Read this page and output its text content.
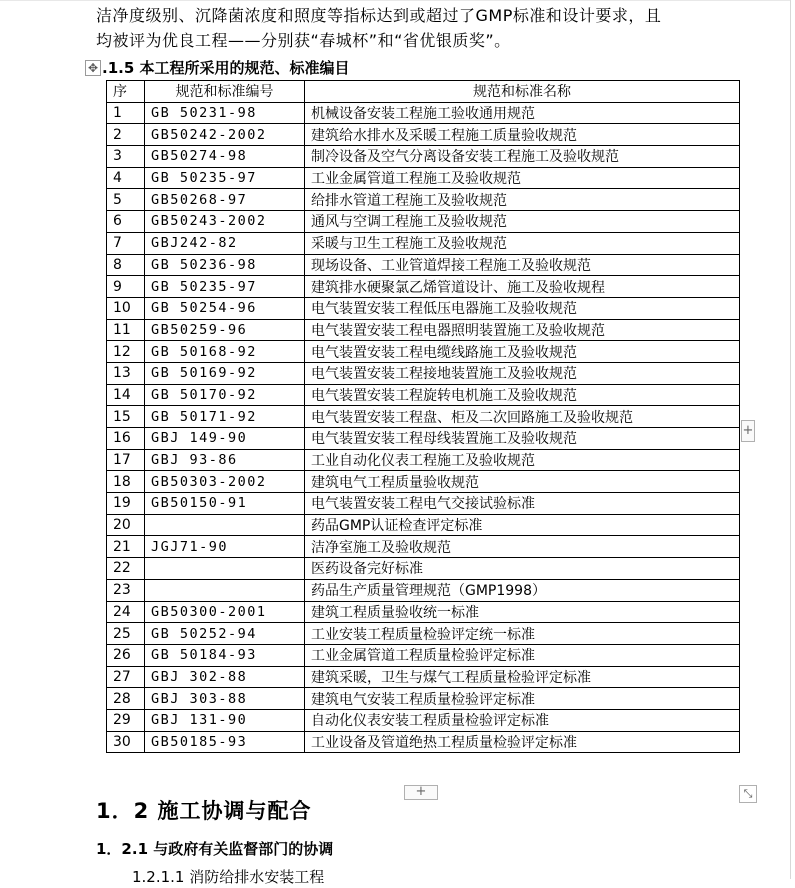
洁净度级别、沉降菌浓度和照度等指标达到或超过了GMP标准和设计要求，且
均被评为优良工程——分别获“春城杯”和“省优银质奖”。
✥ .1.5 本工程所采用的规范、标准编目
序	规范和标准编号	规范和标准名称
1	GB 50231-98	机械设备安装工程施工验收通用规范
2	GB50242-2002	建筑给水排水及采暖工程施工质量验收规范
3	GB50274-98	制冷设备及空气分离设备安装工程施工及验收规范
4	GB 50235-97	工业金属管道工程施工及验收规范
5	GB50268-97	给排水管道工程施工及验收规范
6	GB50243-2002	通风与空调工程施工及验收规范
7	GBJ242-82	采暖与卫生工程施工及验收规范
8	GB 50236-98	现场设备、工业管道焊接工程施工及验收规范
9	GB 50235-97	建筑排水硬聚氯乙烯管道设计、施工及验收规程
10	GB 50254-96	电气装置安装工程低压电器施工及验收规范
11	GB50259-96	电气装置安装工程电器照明装置施工及验收规范
12	GB 50168-92	电气装置安装工程电缆线路施工及验收规范
13	GB 50169-92	电气装置安装工程接地装置施工及验收规范
14	GB 50170-92	电气装置安装工程旋转电机施工及验收规范
15	GB 50171-92	电气装置安装工程盘、柜及二次回路施工及验收规范
16	GBJ 149-90	电气装置安装工程母线装置施工及验收规范
17	GBJ 93-86	工业自动化仪表工程施工及验收规范
18	GB50303-2002	建筑电气工程质量验收规范
19	GB50150-91	电气装置安装工程电气交接试验标准
20		药品GMP认证检查评定标准
21	JGJ71-90	洁净室施工及验收规范
22		医药设备完好标准
23		药品生产质量管理规范（GMP1998）
24	GB50300-2001	建筑工程质量验收统一标准
25	GB 50252-94	工业安装工程质量检验评定统一标准
26	GB 50184-93	工业金属管道工程质量检验评定标准
27	GBJ 302-88	建筑采暖，卫生与煤气工程质量检验评定标准
28	GBJ 303-88	建筑电气安装工程质量检验评定标准
29	GBJ 131-90	自动化仪表安装工程质量检验评定标准
30	GB50185-93	工业设备及管道绝热工程质量检验评定标准
+
+	⤡
1．2 施工协调与配合
1．2.1 与政府有关监督部门的协调
1.2.1.1 消防给排水安装工程
